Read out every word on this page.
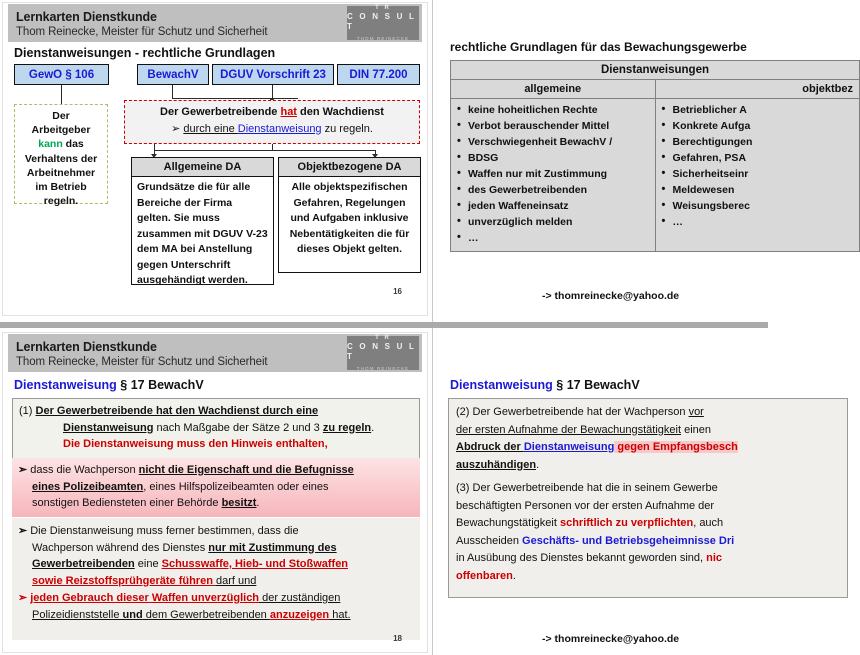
Lernkarten Dienstkunde
Thom Reinecke, Meister für Schutz und Sicherheit
T R
C O N S U L T
THOM REINECKE
Dienstanweisungen - rechtliche Grundlagen
GewO § 106	BewachV	DGUV Vorschrift 23	DIN 77.200
Der
Arbeitgeber
kann das
Verhaltens der
Arbeitnehmer
im Betrieb
regeln.
Der Gewerbetreibende hat den Wachdienst
➢ durch eine Dienstanweisung zu regeln.
Allgemeine DA
Grundsätze die für alle Bereiche der Firma gelten. Sie muss zusammen mit DGUV V-23 dem MA bei Anstellung gegen Unterschrift ausgehändigt werden.
Objektbezogene DA
Alle objektspezifischen Gefahren, Regelungen und Aufgaben inklusive Nebentätigkeiten die für dieses Objekt gelten.
16
rechtliche Grundlagen für das Bewachungsgewerbe
Dienstanweisungen
allgemeine
• keine hoheitlichen Rechte
• Verbot berauschender Mittel
• Verschwiegenheit BewachV /
• BDSG
• Waffen nur mit Zustimmung
• des Gewerbetreibenden
• jeden Waffeneinsatz
• unverzüglich melden
• …
objektbez
• Betrieblicher A
• Konkrete Aufga
• Berechtigungen
• Gefahren, PSA
• Sicherheitseinr
• Meldewesen
• Weisungsberec
• …
-> thomreinecke@yahoo.de
Lernkarten Dienstkunde
Thom Reinecke, Meister für Schutz und Sicherheit
T R
C O N S U L T
THOM REINECKE
Dienstanweisung § 17 BewachV
(1) Der Gewerbetreibende hat den Wachdienst durch eine
Dienstanweisung nach Maßgabe der Sätze 2 und 3 zu regeln.
Die Dienstanweisung muss den Hinweis enthalten,
➢ dass die Wachperson nicht die Eigenschaft und die Befugnisse
eines Polizeibeamten, eines Hilfspolizeibeamten oder eines
sonstigen Bediensteten einer Behörde besitzt.
➢ Die Dienstanweisung muss ferner bestimmen, dass die
Wachperson während des Dienstes nur mit Zustimmung des
Gewerbetreibenden eine Schusswaffe, Hieb- und Stoßwaffen
sowie Reizstoffsprühgeräte führen darf und
➢ jeden Gebrauch dieser Waffen unverzüglich der zuständigen
Polizeidienststelle und dem Gewerbetreibenden anzuzeigen hat.
18
Dienstanweisung § 17 BewachV

(2) Der Gewerbetreibende hat der Wachperson vor
der ersten Aufnahme der Bewachungstätigkeit einen
Abdruck der Dienstanweisung gegen Empfangsbesch
auszuhändigen.

(3) Der Gewerbetreibende hat die in seinem Gewerbe
beschäftigten Personen vor der ersten Aufnahme der
Bewachungstätigkeit schriftlich zu verpflichten, auch
Ausscheiden Geschäfts- und Betriebsgeheimnisse Dri
in Ausübung des Dienstes bekannt geworden sind, nic
offenbaren.

-> thomreinecke@yahoo.de
